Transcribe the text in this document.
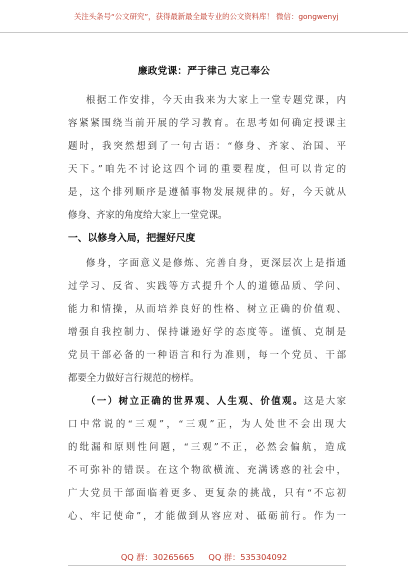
关注头条号“公文研究”，获得最新最全最专业的公文资料库！ 微信：gongwenyj
廉政党课：严于律己 克己奉公
根据工作安排，今天由我来为大家上一堂专题党课，内
容紧紧围绕当前开展的学习教育。在思考如何确定授课主
题时，我突然想到了一句古语：“修身、齐家、治国、平
天下。”咱先不讨论这四个词的重要程度，但可以肯定的
是，这个排列顺序是遵循事物发展规律的。好，今天就从
修身、齐家的角度给大家上一堂党课。
一、以修身入局，把握好尺度
修身，字面意义是修炼、完善自身，更深层次上是指通
过学习、反省、实践等方式提升个人的道德品质、学问、
能力和情操，从而培养良好的性格、树立正确的价值观、
增强自我控制力、保持谦逊好学的态度等。谨慎、克制是
党员干部必备的一种语言和行为准则，每一个党员、干部
都要全力做好言行规范的榜样。
（一）树立正确的世界观、人生观、价值观。这是大家
口中常说的“三观”，“三观”正，为人处世不会出现大
的纰漏和原则性问题，“三观”不正，必然会偏航，造成
不可弥补的错误。在这个物欲横流、充满诱惑的社会中，
广大党员干部面临着更多、更复杂的挑战，只有“不忘初
心、牢记使命”，才能做到从容应对、砥砺前行。作为一
QQ 群：30265665 QQ 群：535304092
